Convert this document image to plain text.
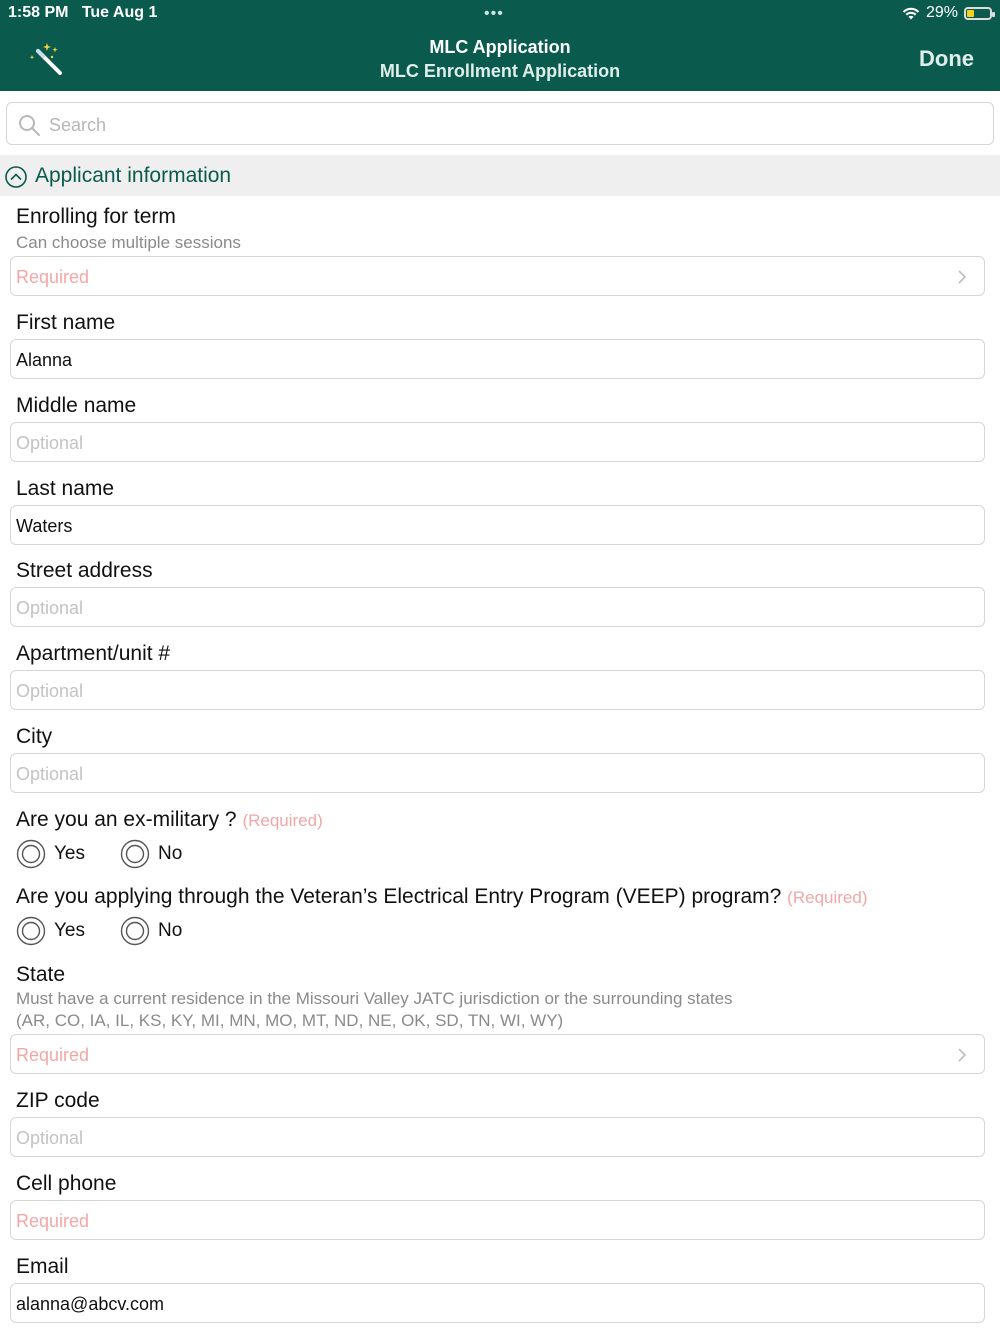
1:58 PM Tue Aug 1	•••	29%
MLC Application
MLC Enrollment Application	Done
Search
Applicant information
Enrolling for term
Can choose multiple sessions
Required
First name
Alanna
Middle name
Optional
Last name
Waters
Street address
Optional
Apartment/unit #
Optional
City
Optional
Are you an ex-military ? (Required)
Yes	No
Are you applying through the Veteran’s Electrical Entry Program (VEEP) program? (Required)
Yes	No
State
Must have a current residence in the Missouri Valley JATC jurisdiction or the surrounding states
(AR, CO, IA, IL, KS, KY, MI, MN, MO, MT, ND, NE, OK, SD, TN, WI, WY)
Required
ZIP code
Optional
Cell phone
Required
Email
alanna@abcv.com
